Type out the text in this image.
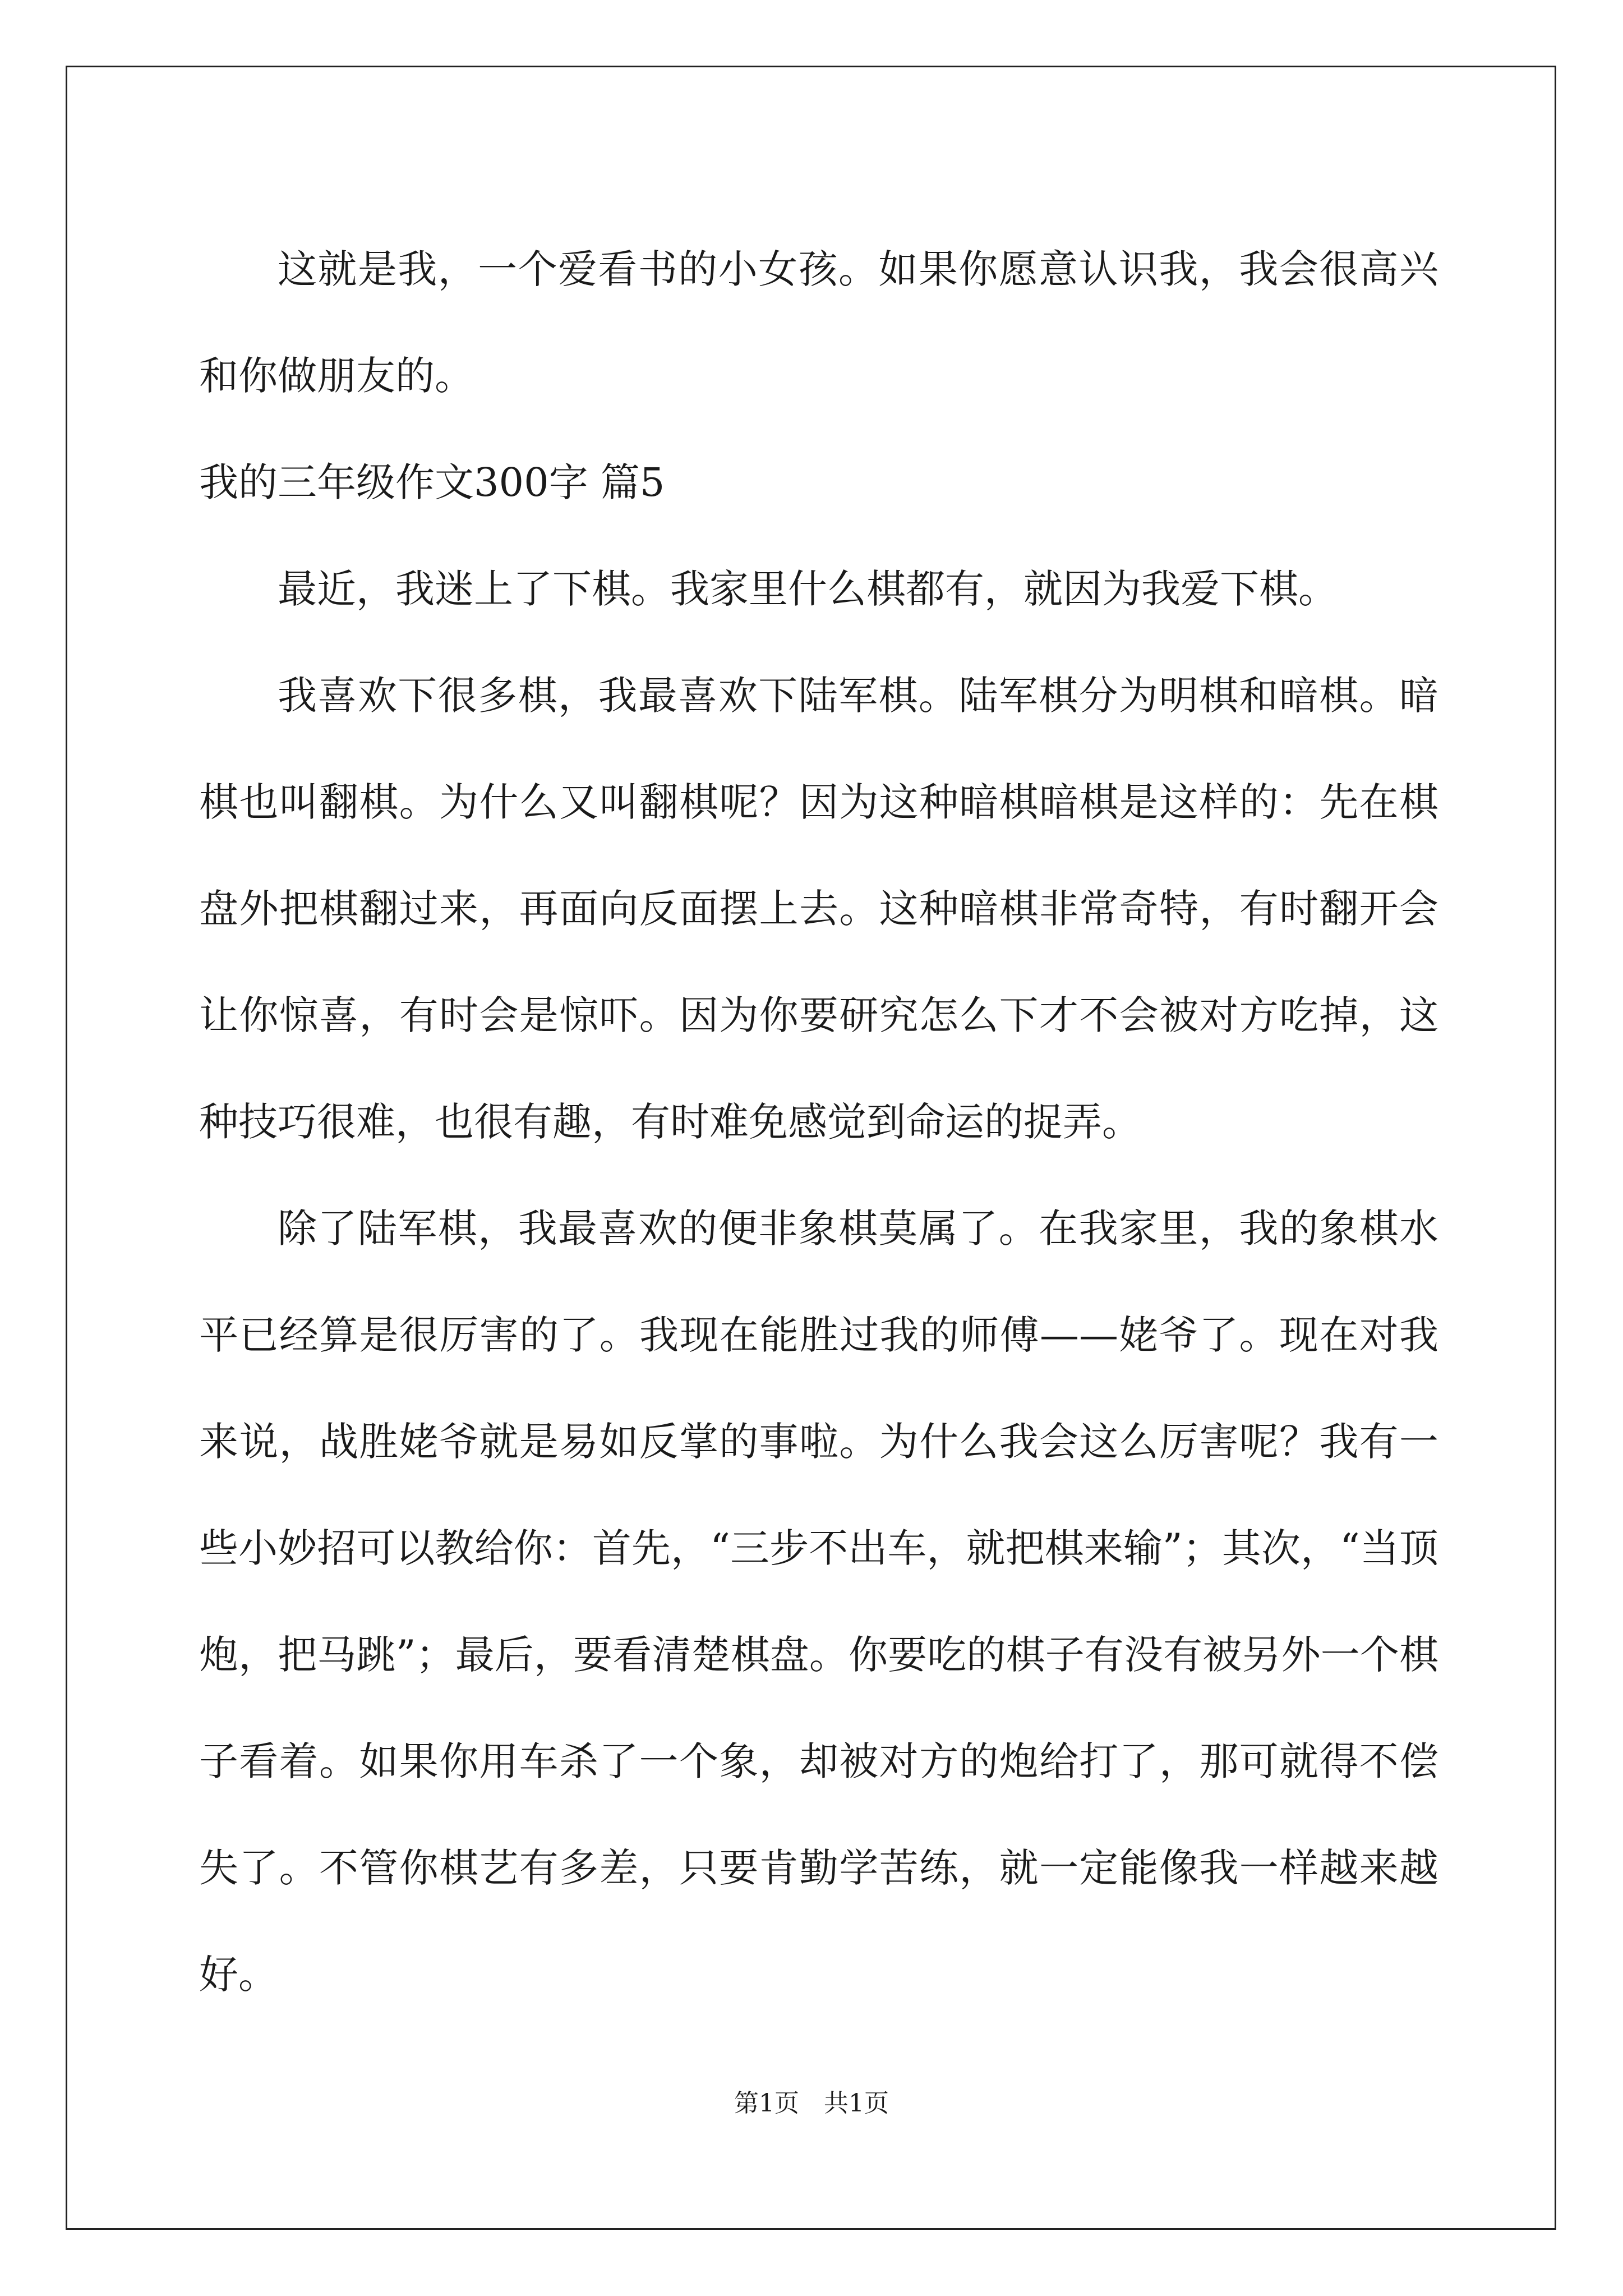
这就是我，一个爱看书的小女孩。如果你愿意认识我，我会很高兴和你做朋友的。

我的三年级作文300字 篇5

最近，我迷上了下棋。我家里什么棋都有，就因为我爱下棋。

我喜欢下很多棋，我最喜欢下陆军棋。陆军棋分为明棋和暗棋。暗棋也叫翻棋。为什么又叫翻棋呢？因为这种暗棋暗棋是这样的：先在棋盘外把棋翻过来，再面向反面摆上去。这种暗棋非常奇特，有时翻开会让你惊喜，有时会是惊吓。因为你要研究怎么下才不会被对方吃掉，这种技巧很难，也很有趣，有时难免感觉到命运的捉弄。

除了陆军棋，我最喜欢的便非象棋莫属了。在我家里，我的象棋水平已经算是很厉害的了。我现在能胜过我的师傅——姥爷了。现在对我来说，战胜姥爷就是易如反掌的事啦。为什么我会这么厉害呢？我有一些小妙招可以教给你：首先，“三步不出车，就把棋来输”；其次，“当顶炮，把马跳”；最后，要看清楚棋盘。你要吃的棋子有没有被另外一个棋子看着。如果你用车杀了一个象，却被对方的炮给打了，那可就得不偿失了。不管你棋艺有多差，只要肯勤学苦练，就一定能像我一样越来越好。

第1页　共1页
